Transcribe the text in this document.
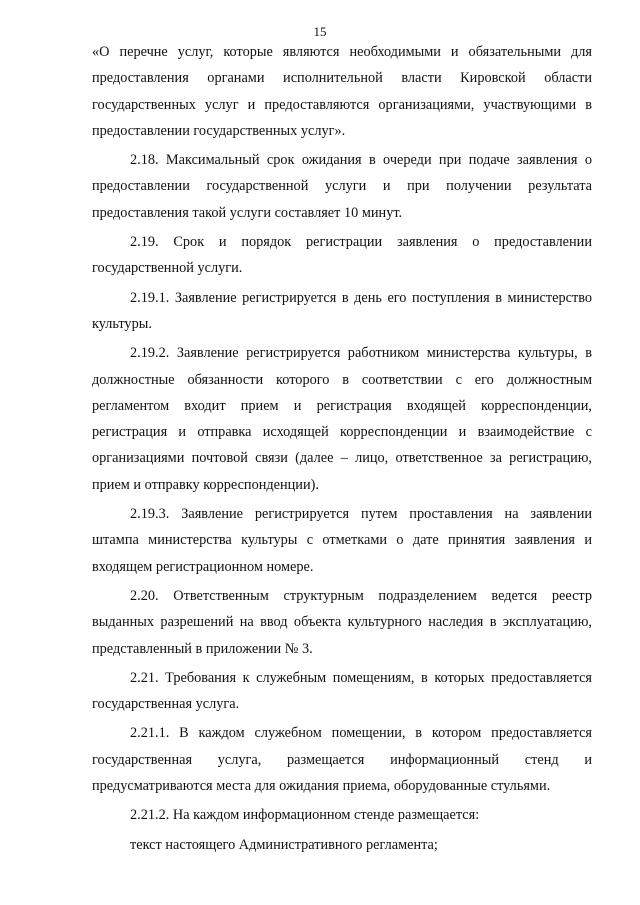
15

«О перечне услуг, которые являются необходимыми и обязательными для предоставления органами исполнительной власти Кировской области государственных услуг и предоставляются организациями, участвующими в предоставлении государственных услуг».

2.18. Максимальный срок ожидания в очереди при подаче заявления о предоставлении государственной услуги и при получении результата предоставления такой услуги составляет 10 минут.

2.19. Срок и порядок регистрации заявления о предоставлении государственной услуги.

2.19.1. Заявление регистрируется в день его поступления в министерство культуры.

2.19.2. Заявление регистрируется работником министерства культуры, в должностные обязанности которого в соответствии с его должностным регламентом входит прием и регистрация входящей корреспонденции, регистрация и отправка исходящей корреспонденции и взаимодействие с организациями почтовой связи (далее – лицо, ответственное за регистрацию, прием и отправку корреспонденции).

2.19.3. Заявление регистрируется путем проставления на заявлении штампа министерства культуры с отметками о дате принятия заявления и входящем регистрационном номере.

2.20. Ответственным структурным подразделением ведется реестр выданных разрешений на ввод объекта культурного наследия в эксплуатацию, представленный в приложении № 3.

2.21. Требования к служебным помещениям, в которых предоставляется государственная услуга.

2.21.1. В каждом служебном помещении, в котором предоставляется государственная услуга, размещается информационный стенд и предусматриваются места для ожидания приема, оборудованные стульями.

2.21.2. На каждом информационном стенде размещается:

текст настоящего Административного регламента;
